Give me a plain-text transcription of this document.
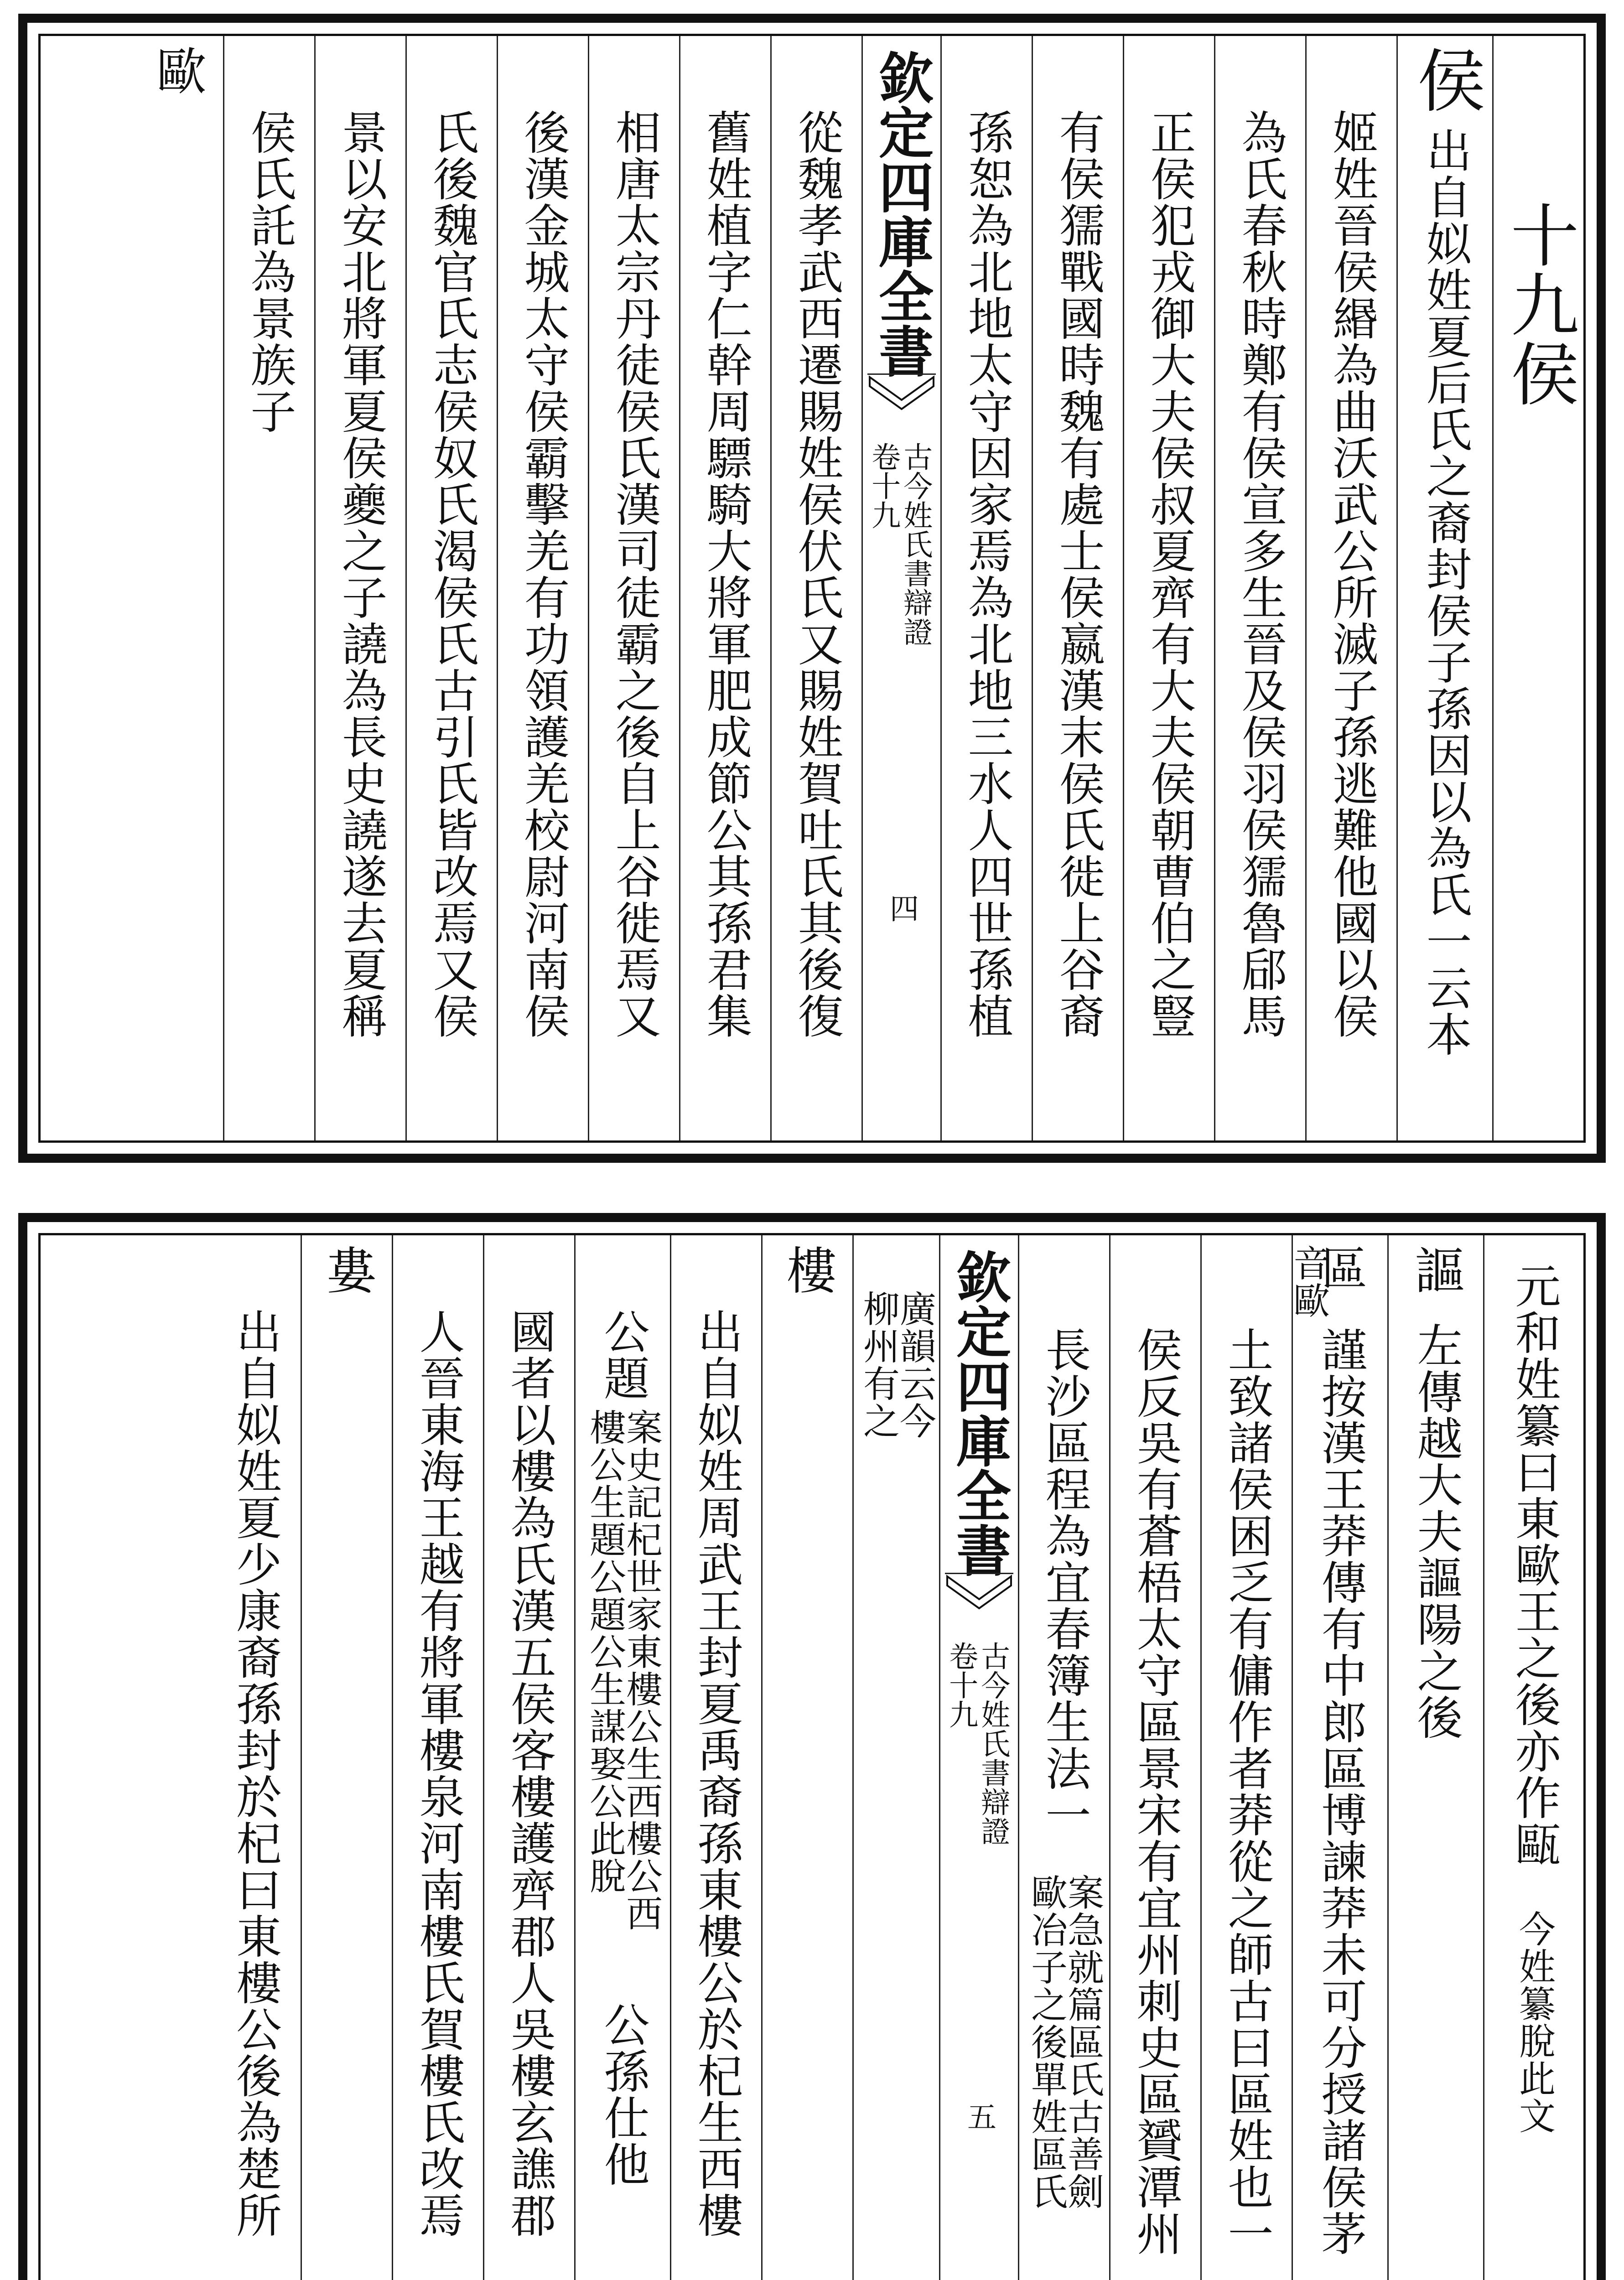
十九侯
侯
出自姒姓夏后氏之裔封侯子孫因以為氏一云本
姬姓晉侯緡為曲沃武公所滅子孫逃難他國以侯
為氏春秋時鄭有侯宣多生晉及侯羽侯獳魯郈馬
正侯犯戎御大夫侯叔夏齊有大夫侯朝曹伯之豎
有侯獳戰國時魏有處士侯嬴漢末侯氏徙上谷裔
孫恕為北地太守因家焉為北地三水人四世孫植
欽定四庫全書
古今姓氏書辯證
卷十九
四
從魏孝武西遷賜姓侯伏氏又賜姓賀吐氏其後復
舊姓植字仁幹周驃騎大將軍肥成節公其孫君集
相唐太宗丹徒侯氏漢司徒霸之後自上谷徙焉又
後漢金城太守侯霸擊羌有功領護羌校尉河南侯
氏後魏官氏志侯奴氏渴侯氏古引氏皆改焉又侯
景以安北將軍夏侯夔之子譊為長史譊遂去夏稱
侯氏託為景族子
歐
元和姓纂曰東歐王之後亦作甌
今姓纂脫此文
謳
左傳越大夫謳陽之後
區
音歐
謹按漢王莽傳有中郎區博諫莽未可分授諸侯茅
土致諸侯困乏有傭作者莽從之師古曰區姓也一
侯反吳有蒼梧太守區景宋有宜州刺史區贇潭州
長沙區程為宜春簿生法一
案急就篇區氏古善劍
歐冶子之後單姓區氏
欽定四庫全書
古今姓氏書辯證
卷十九
五
廣韻云今
柳州有之
樓
出自姒姓周武王封夏禹裔孫東樓公於杞生西樓
公題
案史記杞世家東樓公生西樓公西
樓公生題公題公生謀娶公此脫
公孫仕他
國者以樓為氏漢五侯客樓護齊郡人吳樓玄譙郡
人晉東海王越有將軍樓泉河南樓氏賀樓氏改焉
婁
出自姒姓夏少康裔孫封於杞曰東樓公後為楚所
